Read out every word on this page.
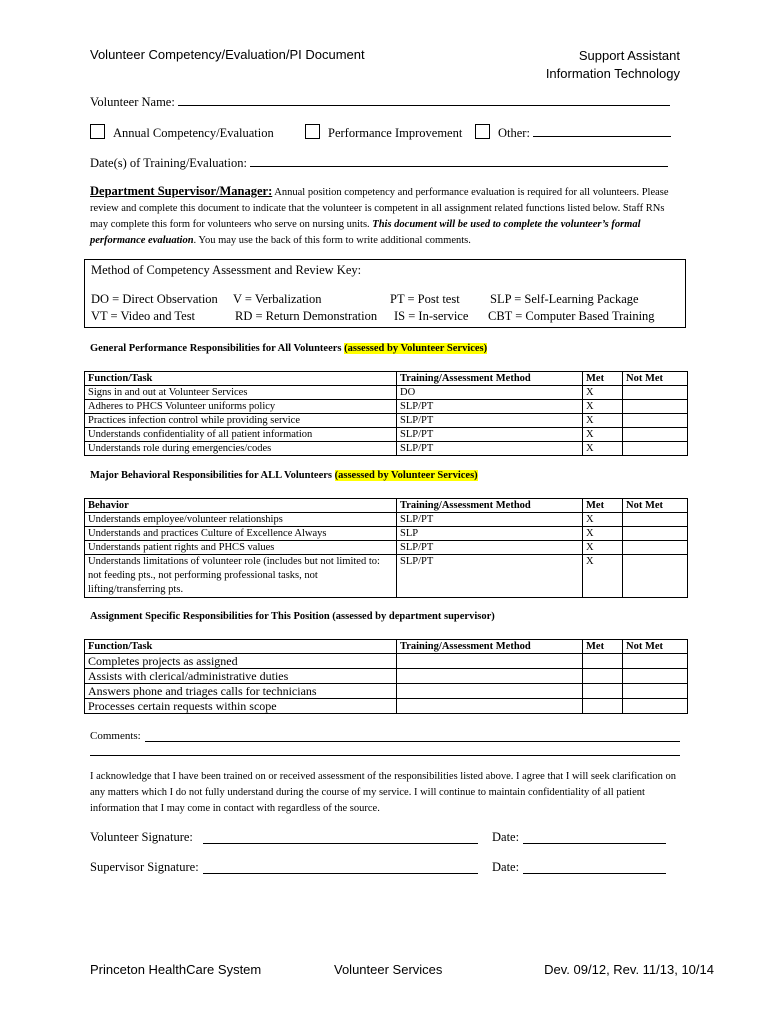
Volunteer Competency/Evaluation/PI Document	Support Assistant
Information Technology
Volunteer Name:
Annual Competency/Evaluation	Performance Improvement	Other:
Date(s) of Training/Evaluation:
Department Supervisor/Manager: Annual position competency and performance evaluation is required for all volunteers. Please review and complete this document to indicate that the volunteer is competent in all assignment related functions listed below. Staff RNs may complete this form for volunteers who serve on nursing units. This document will be used to complete the volunteer’s formal performance evaluation. You may use the back of this form to write additional comments.
Method of Competency Assessment and Review Key:
DO = Direct Observation V = Verbalization	PT = Post test SLP = Self-Learning Package
VT = Video and Test	RD = Return Demonstration IS = In-service CBT = Computer Based Training
General Performance Responsibilities for All Volunteers (assessed by Volunteer Services)
Function/Task	Training/Assessment Method	Met	Not Met
Signs in and out at Volunteer Services	DO	X	
Adheres to PHCS Volunteer uniforms policy	SLP/PT	X	
Practices infection control while providing service	SLP/PT	X	
Understands confidentiality of all patient information	SLP/PT	X	
Understands role during emergencies/codes	SLP/PT	X	
Major Behavioral Responsibilities for ALL Volunteers (assessed by Volunteer Services)
Behavior	Training/Assessment Method	Met	Not Met
Understands employee/volunteer relationships	SLP/PT	X	
Understands and practices Culture of Excellence Always	SLP	X	
Understands patient rights and PHCS values	SLP/PT	X	
Understands limitations of volunteer role (includes but not limited to: not feeding pts., not performing professional tasks, not lifting/transferring pts.	SLP/PT	X	
Assignment Specific Responsibilities for This Position (assessed by department supervisor)
Function/Task	Training/Assessment Method	Met	Not Met
Completes projects as assigned			
Assists with clerical/administrative duties			
Answers phone and triages calls for technicians			
Processes certain requests within scope			
Comments:
I acknowledge that I have been trained on or received assessment of the responsibilities listed above. I agree that I will seek clarification on any matters which I do not fully understand during the course of my service. I will continue to maintain confidentiality of all patient information that I may come in contact with regardless of the source.
Volunteer Signature:	Date:
Supervisor Signature:	Date:
Princeton HealthCare System	Volunteer Services	Dev. 09/12, Rev. 11/13, 10/14
